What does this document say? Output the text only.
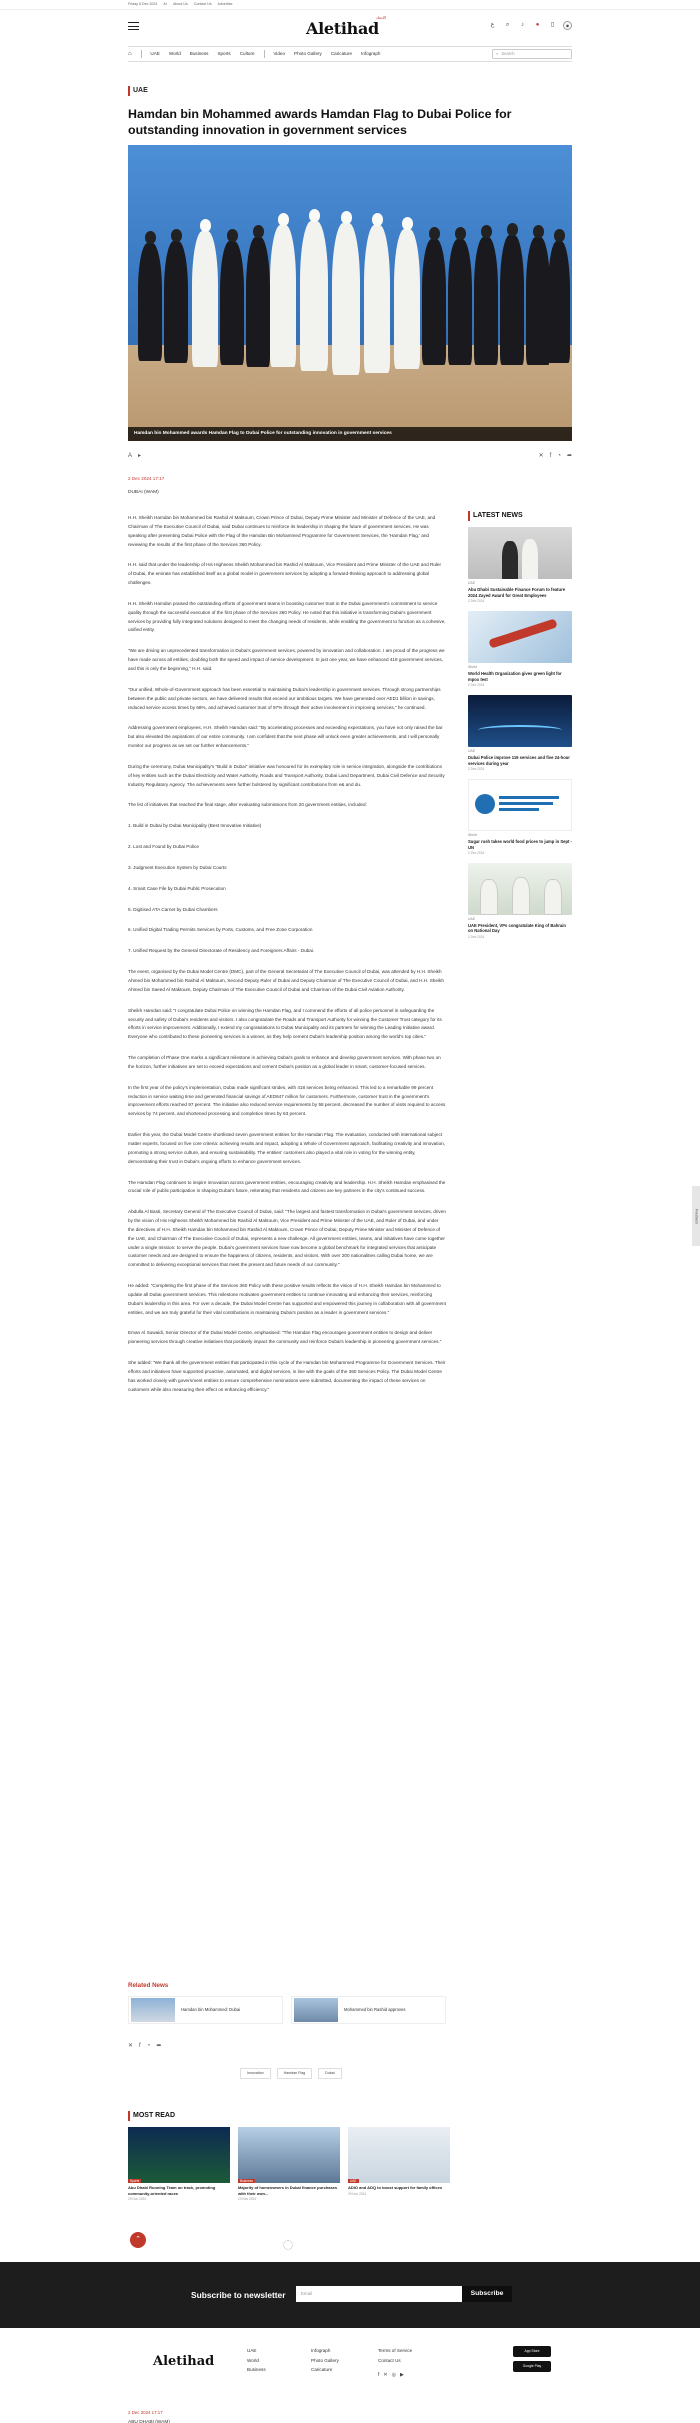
Friday 6 Dec 2024 Ar About Us Contact Us Advertise
Aletihad
الاتحاد
ع	⌕	♪	●	▯	◉
⌂	UAE World Business Sports Culture	Video Photo Gallery Caricature Infograph	⌕ Search
UAE
Hamdan bin Mohammed awards Hamdan Flag to Dubai Police for outstanding innovation in government services
Hamdan bin Mohammed awards Hamdan Flag to Dubai Police for outstanding innovation in government services
A ▸	✕ f ◔ ➦
2 Dec 2024 17:17
DUBAI (WAM)

H.H. Sheikh Hamdan bin Mohammed bin Rashid Al Maktoum, Crown Prince of Dubai, Deputy Prime Minister and Minister of Defence of the UAE, and Chairman of The Executive Council of Dubai, said Dubai continues to reinforce its leadership in shaping the future of government services. He was speaking after presenting Dubai Police with the Flag of the Hamdan Bin Mohammed Programme for Government Services, the 'Hamdan Flag,' and reviewing the results of the first phase of the Services 360 Policy.

H.H. said that under the leadership of His Highness Sheikh Mohammed bin Rashid Al Maktoum, Vice President and Prime Minister of the UAE and Ruler of Dubai, the emirate has established itself as a global model in government services by adopting a forward-thinking approach to addressing global challenges.

H.H. Sheikh Hamdan praised the outstanding efforts of government teams in boosting customer trust in the Dubai government's commitment to service quality through the successful execution of the first phase of the Services 360 Policy. He noted that this initiative is transforming Dubai's government services by providing fully integrated solutions designed to meet the changing needs of residents, while enabling the government to function as a cohesive, unified entity.

"We are driving an unprecedented transformation in Dubai's government services, powered by innovation and collaboration. I am proud of the progress we have made across all entities, doubling both the speed and impact of service development. In just one year, we have enhanced 418 government services, and this is only the beginning," H.H. said.

"Our unified, Whole-of-Government approach has been essential to maintaining Dubai's leadership in government services. Through strong partnerships between the public and private sectors, we have delivered results that exceed our ambitious targets. We have generated over AED1 billion in savings, reduced service access times by 68%, and achieved customer trust of 97% through their active involvement in improving services," he continued.

Addressing government employees, H.H. Sheikh Hamdan said: "By accelerating processes and exceeding expectations, you have not only raised the bar but also elevated the aspirations of our entire community. I am confident that the next phase will unlock even greater achievements, and I will personally monitor our progress as we set our further enhancements."

During the ceremony, Dubai Municipality's "Build in Dubai" initiative was honoured for its exemplary role in service integration, alongside the contributions of key entities such as the Dubai Electricity and Water Authority, Roads and Transport Authority, Dubai Land Department, Dubai Civil Defence and Security Industry Regulatory Agency. The achievements were further bolstered by significant contributions from e& and du.

The list of initiatives that reached the final stage, after evaluating submissions from 20 government entities, included:

1. Build in Dubai by Dubai Municipality (Best Innovative Initiative)

2. Lost and Found by Dubai Police

3. Judgment Execution System by Dubai Courts

4. Smart Case File by Dubai Public Prosecution

5. Digitised ATA Carnet by Dubai Chambers

6. Unified Digital Trading Permits Services by Ports, Customs, and Free Zone Corporation

7. Unified Request by the General Directorate of Residency and Foreigners Affairs - Dubai.

The event, organised by the Dubai Model Centre (DMC), part of the General Secretariat of The Executive Council of Dubai, was attended by H.H. Sheikh Ahmed bin Mohammed bin Rashid Al Maktoum, Second Deputy Ruler of Dubai and Deputy Chairman of The Executive Council of Dubai, and H.H. Sheikh Ahmed bin Saeed Al Maktoum, Deputy Chairman of The Executive Council of Dubai and Chairman of the Dubai Civil Aviation Authority.

Sheikh Hamdan said: "I congratulate Dubai Police on winning the Hamdan Flag, and I commend the efforts of all police personnel in safeguarding the security and safety of Dubai's residents and visitors. I also congratulate the Roads and Transport Authority for winning the Customer Trust category for its efforts in service improvement. Additionally, I extend my congratulations to Dubai Municipality and its partners for winning the Leading Initiative award. Everyone who contributed to these pioneering services is a winner, as they help cement Dubai's leadership position among the world's top cities."

The completion of Phase One marks a significant milestone in achieving Dubai's goals to enhance and develop government services. With phase two on the horizon, further initiatives are set to exceed expectations and cement Dubai's position as a global leader in smart, customer-focused services.

In the first year of the policy's implementation, Dubai made significant strides, with 418 services being enhanced. This led to a remarkable 99 percent reduction in service waiting time and generated financial savings of AED647 million for customers. Furthermore, customer trust in the government's improvement efforts reached 97 percent. The initiative also reduced service requirements by 58 percent, decreased the number of visits required to access services by 74 percent, and shortened processing and completion times by 63 percent.

Earlier this year, the Dubai Model Centre shortlisted seven government entities for the Hamdan Flag. The evaluation, conducted with international subject matter experts, focused on five core criteria: achieving results and impact, adopting a Whole of Government approach, facilitating creativity and innovation, promoting a strong service culture, and ensuring sustainability. The entities' customers also played a vital role in voting for the winning entity, demonstrating their trust in Dubai's ongoing efforts to enhance government services.

The Hamdan Flag continues to inspire innovation across government entities, encouraging creativity and leadership. H.H. Sheikh Hamdan emphasised the crucial role of public participation in shaping Dubai's future, reiterating that residents and citizens are key partners in the city's continued success.

Abdulla Al Basti, Secretary General of The Executive Council of Dubai, said: "The largest and fastest transformation in Dubai's government services, driven by the vision of His Highness Sheikh Mohammed bin Rashid Al Maktoum, Vice President and Prime Minister of the UAE, and Ruler of Dubai, and under the directives of H.H. Sheikh Hamdan bin Mohammed bin Rashid Al Maktoum, Crown Prince of Dubai, Deputy Prime Minister and Minister of Defence of the UAE, and Chairman of The Executive Council of Dubai, represents a new challenge. All government entities, teams, and initiatives have come together under a single mission: to serve the people. Dubai's government services have now become a global benchmark for integrated services that anticipate customer needs and are designed to ensure the happiness of citizens, residents, and visitors. With over 200 nationalities calling Dubai home, we are committed to delivering exceptional services that meet the present and future needs of our community."

He added: "Completing the first phase of the Services 360 Policy with these positive results reflects the vision of H.H. Sheikh Hamdan bin Mohammed to update all Dubai government services. This milestone motivates government entities to continue innovating and enhancing their services, reinforcing Dubai's leadership in this area. For over a decade, the Dubai Model Centre has supported and empowered this journey in collaboration with all government entities, and we are truly grateful for their vital contributions in maintaining Dubai's position as a leader in government services."

Eman Al Suwaidi, Senior Director of the Dubai Model Centre, emphasised: "The Hamdan Flag encourages government entities to design and deliver pioneering services through creative initiatives that positively impact the community and reinforce Dubai's leadership in pioneering government services."

She added: "We thank all the government entities that participated in this cycle of the Hamdan bin Mohammed Programme for Government Services. Their efforts and initiatives have supported proactive, automated, and digital services, in line with the goals of the 360 Services Policy. The Dubai Model Centre has worked closely with government entities to ensure comprehensive nominations were submitted, documenting the impact of these services on customers while also measuring their effect on enhancing efficiency."

LATEST NEWS
UAE
Abu Dhabi Sustainable Finance Forum to feature 2024 Zayed Award for Great Employees
2 Dec 2024
World
World Health Organization gives green light for mpox test
2 Dec 2024
UAE
Dubai Police improve 119 services and five 24-hour services during year
2 Dec 2024
World
Sugar rush takes world food prices to jump in Sept - UN
2 Dec 2024
UAE
UAE President, VPs congratulate King of Bahrain on National Day
2 Dec 2024
Related News
Hamdan bin Mohammed: Dubai	Mohammed bin Rashid approves
✕ f ◔ ➦
Innovation	Hamdan Flag	Dubai
MOST READ
Sports
Abu Dhabi Running Team on track, promoting community-oriented races
29 Nov 2024
Business
Majority of homeowners in Dubai finance purchases with their own...
29 Nov 2024
UAE
ADIO and ADQ to boost support for family offices
29 Nov 2024
⌃
Subscribe to newsletter	Email	Subscribe
Aletihad
UAE
World
Business
Infograph
Photo Gallery
Caricature
Terms of Service
Contact Us
f ✕ ◎ ▶
App Store
Google Play
2 Dec 2024 17:17
ABU DHABI (WAM)
Feedback
